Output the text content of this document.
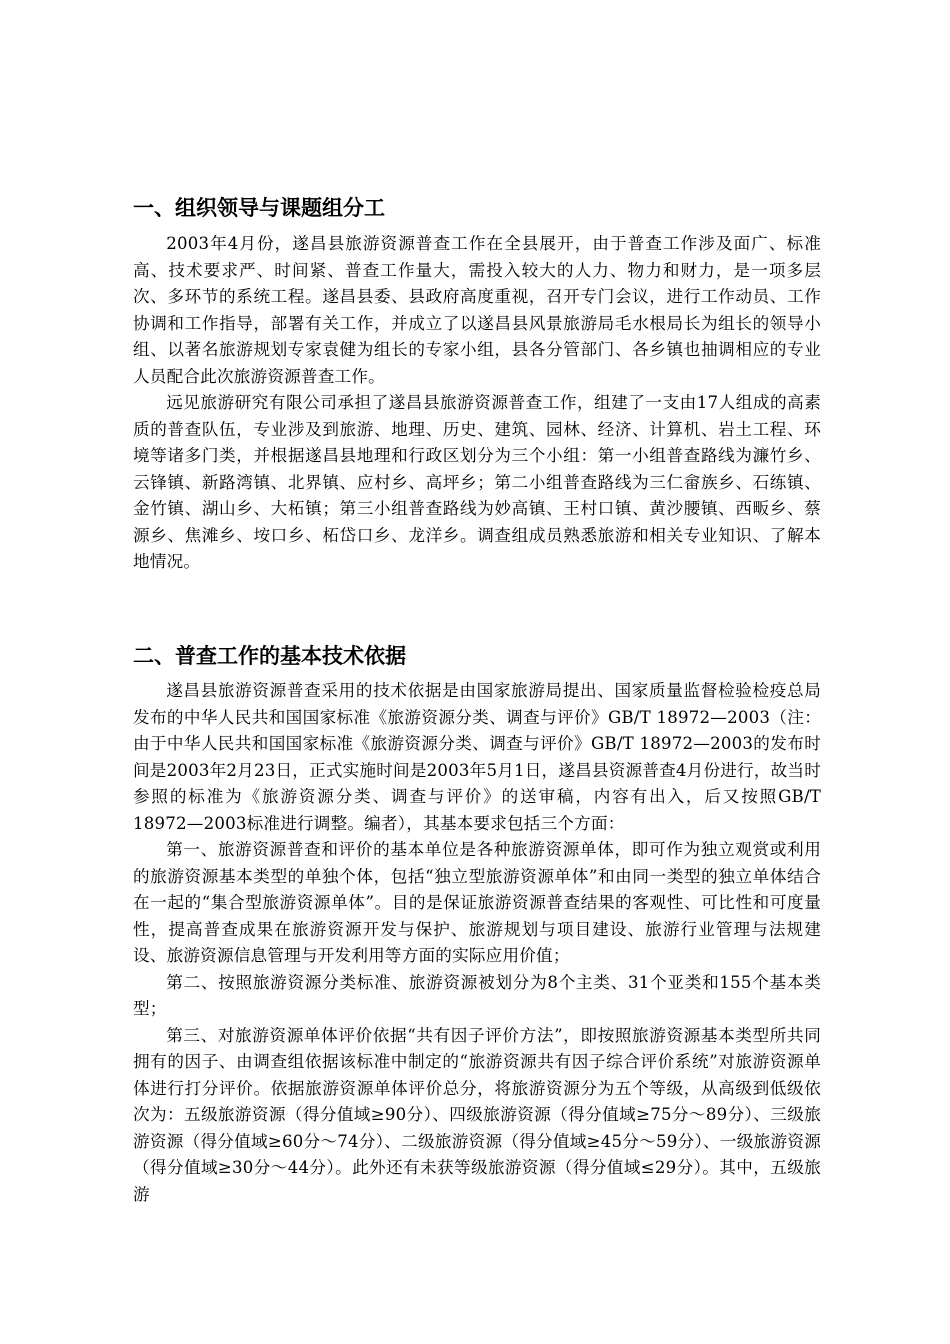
一、组织领导与课题组分工

2003年4月份，遂昌县旅游资源普查工作在全县展开，由于普查工作涉及面广、标准高、技术要求严、时间紧、普查工作量大，需投入较大的人力、物力和财力，是一项多层次、多环节的系统工程。遂昌县委、县政府高度重视，召开专门会议，进行工作动员、工作协调和工作指导，部署有关工作，并成立了以遂昌县风景旅游局毛水根局长为组长的领导小组、以著名旅游规划专家袁健为组长的专家小组，县各分管部门、各乡镇也抽调相应的专业人员配合此次旅游资源普查工作。

远见旅游研究有限公司承担了遂昌县旅游资源普查工作，组建了一支由17人组成的高素质的普查队伍，专业涉及到旅游、地理、历史、建筑、园林、经济、计算机、岩土工程、环境等诸多门类，并根据遂昌县地理和行政区划分为三个小组：第一小组普查路线为濂竹乡、云锋镇、新路湾镇、北界镇、应村乡、高坪乡；第二小组普查路线为三仁畲族乡、石练镇、金竹镇、湖山乡、大柘镇；第三小组普查路线为妙高镇、王村口镇、黄沙腰镇、西畈乡、蔡源乡、焦滩乡、垵口乡、柘岱口乡、龙洋乡。调查组成员熟悉旅游和相关专业知识、了解本地情况。

二、普查工作的基本技术依据

遂昌县旅游资源普查采用的技术依据是由国家旅游局提出、国家质量监督检验检疫总局发布的中华人民共和国国家标准《旅游资源分类、调查与评价》GB/T 18972—2003（注：由于中华人民共和国国家标准《旅游资源分类、调查与评价》GB/T 18972—2003的发布时间是2003年2月23日，正式实施时间是2003年5月1日，遂昌县资源普查4月份进行，故当时参照的标准为《旅游资源分类、调查与评价》的送审稿，内容有出入，后又按照GB/T 18972—2003标准进行调整。编者），其基本要求包括三个方面：

第一、旅游资源普查和评价的基本单位是各种旅游资源单体，即可作为独立观赏或利用的旅游资源基本类型的单独个体，包括“独立型旅游资源单体”和由同一类型的独立单体结合在一起的“集合型旅游资源单体”。目的是保证旅游资源普查结果的客观性、可比性和可度量性，提高普查成果在旅游资源开发与保护、旅游规划与项目建设、旅游行业管理与法规建设、旅游资源信息管理与开发利用等方面的实际应用价值；

第二、按照旅游资源分类标准、旅游资源被划分为8个主类、31个亚类和155个基本类型；

第三、对旅游资源单体评价依据“共有因子评价方法”，即按照旅游资源基本类型所共同拥有的因子、由调查组依据该标准中制定的“旅游资源共有因子综合评价系统”对旅游资源单体进行打分评价。依据旅游资源单体评价总分，将旅游资源分为五个等级，从高级到低级依次为：五级旅游资源（得分值域≥90分）、四级旅游资源（得分值域≥75分～89分）、三级旅游资源（得分值域≥60分～74分）、二级旅游资源（得分值域≥45分～59分）、一级旅游资源（得分值域≥30分～44分）。此外还有未获等级旅游资源（得分值域≤29分）。其中，五级旅游
